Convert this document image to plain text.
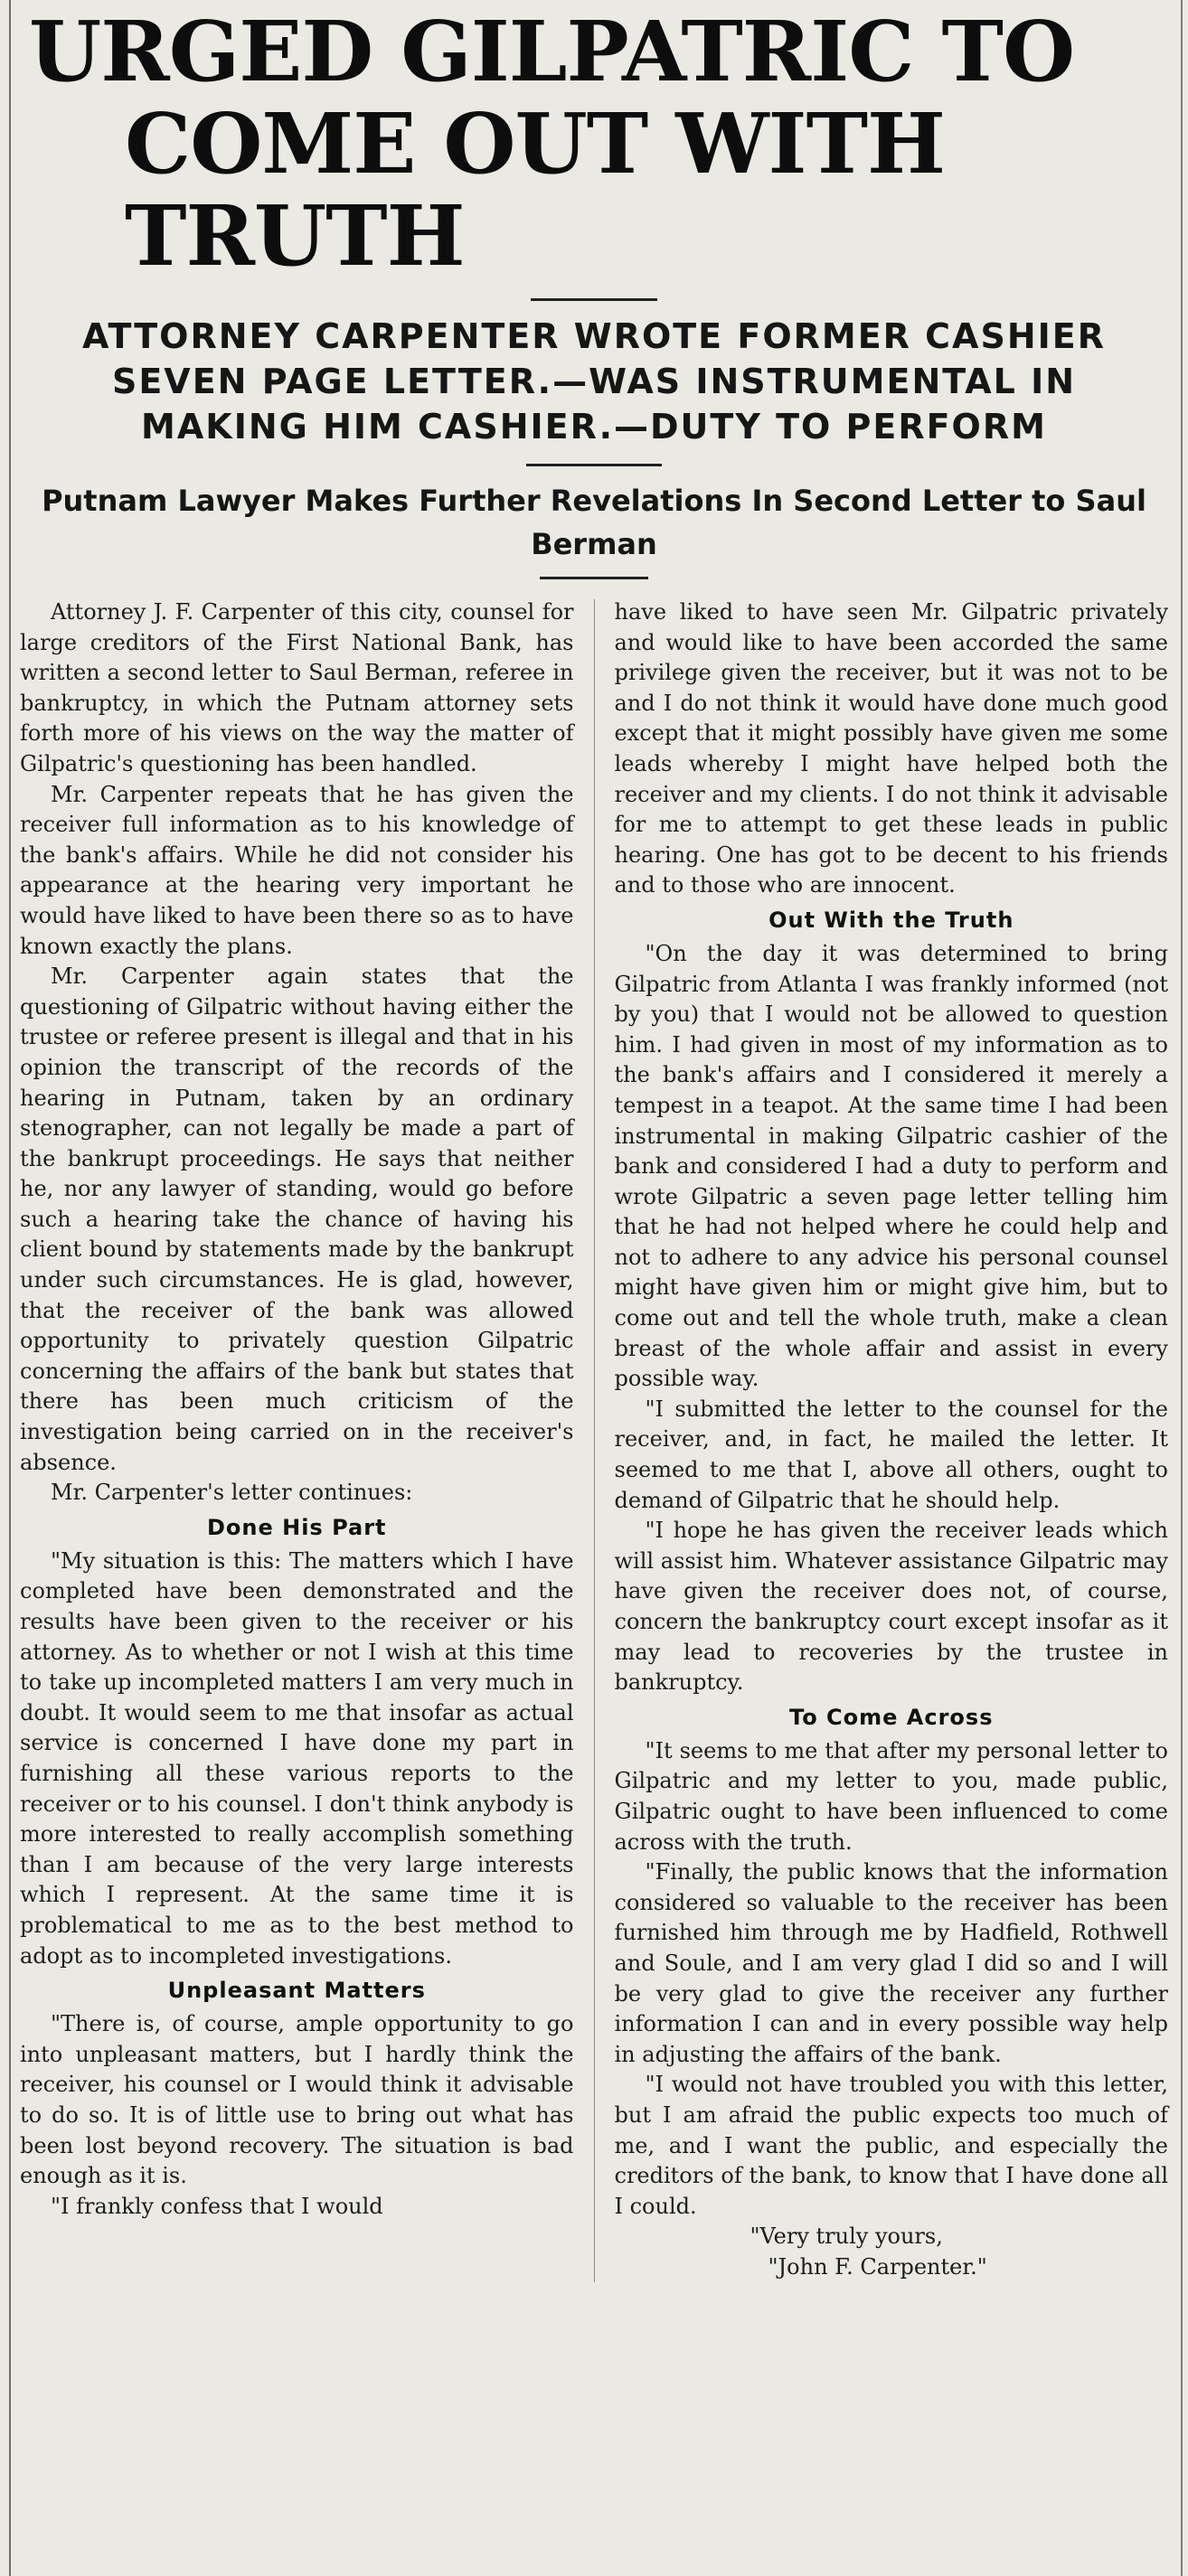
URGED GILPATRIC TO
COME OUT WITH TRUTH
ATTORNEY CARPENTER WROTE FORMER CASHIER SEVEN PAGE LETTER.—WAS INSTRUMENTAL IN MAKING HIM CASHIER.—DUTY TO PERFORM
Putnam Lawyer Makes Further Revelations In Second Letter to Saul Berman

Attorney J. F. Carpenter of this city, counsel for large creditors of the First National Bank, has written a second letter to Saul Berman, referee in bankruptcy, in which the Putnam attorney sets forth more of his views on the way the matter of Gilpatric's questioning has been handled.

Mr. Carpenter repeats that he has given the receiver full information as to his knowledge of the bank's affairs. While he did not consider his appearance at the hearing very important he would have liked to have been there so as to have known exactly the plans.

Mr. Carpenter again states that the questioning of Gilpatric without having either the trustee or referee present is illegal and that in his opinion the transcript of the records of the hearing in Putnam, taken by an ordinary stenographer, can not legally be made a part of the bankrupt proceedings. He says that neither he, nor any lawyer of standing, would go before such a hearing take the chance of having his client bound by statements made by the bankrupt under such circumstances. He is glad, however, that the receiver of the bank was allowed opportunity to privately question Gilpatric concerning the affairs of the bank but states that there has been much criticism of the investigation being carried on in the receiver's absence.

Mr. Carpenter's letter continues:

Done His Part

"My situation is this: The matters which I have completed have been demonstrated and the results have been given to the receiver or his attorney. As to whether or not I wish at this time to take up incompleted matters I am very much in doubt. It would seem to me that insofar as actual service is concerned I have done my part in furnishing all these various reports to the receiver or to his counsel. I don't think anybody is more interested to really accomplish something than I am because of the very large interests which I represent. At the same time it is problematical to me as to the best method to adopt as to incompleted investigations.

Unpleasant Matters

"There is, of course, ample opportunity to go into unpleasant matters, but I hardly think the receiver, his counsel or I would think it advisable to do so. It is of little use to bring out what has been lost beyond recovery. The situation is bad enough as it is.

"I frankly confess that I would

have liked to have seen Mr. Gilpatric privately and would like to have been accorded the same privilege given the receiver, but it was not to be and I do not think it would have done much good except that it might possibly have given me some leads whereby I might have helped both the receiver and my clients. I do not think it advisable for me to attempt to get these leads in public hearing. One has got to be decent to his friends and to those who are innocent.

Out With the Truth

"On the day it was determined to bring Gilpatric from Atlanta I was frankly informed (not by you) that I would not be allowed to question him. I had given in most of my information as to the bank's affairs and I considered it merely a tempest in a teapot. At the same time I had been instrumental in making Gilpatric cashier of the bank and considered I had a duty to perform and wrote Gilpatric a seven page letter telling him that he had not helped where he could help and not to adhere to any advice his personal counsel might have given him or might give him, but to come out and tell the whole truth, make a clean breast of the whole affair and assist in every possible way.

"I submitted the letter to the counsel for the receiver, and, in fact, he mailed the letter. It seemed to me that I, above all others, ought to demand of Gilpatric that he should help.

"I hope he has given the receiver leads which will assist him. Whatever assistance Gilpatric may have given the receiver does not, of course, concern the bankruptcy court except insofar as it may lead to recoveries by the trustee in bankruptcy.

To Come Across

"It seems to me that after my personal letter to Gilpatric and my letter to you, made public, Gilpatric ought to have been influenced to come across with the truth.

"Finally, the public knows that the information considered so valuable to the receiver has been furnished him through me by Hadfield, Rothwell and Soule, and I am very glad I did so and I will be very glad to give the receiver any further information I can and in every possible way help in adjusting the affairs of the bank.

"I would not have troubled you with this letter, but I am afraid the public expects too much of me, and I want the public, and especially the creditors of the bank, to know that I have done all I could.

"Very truly yours,

"John F. Carpenter."
